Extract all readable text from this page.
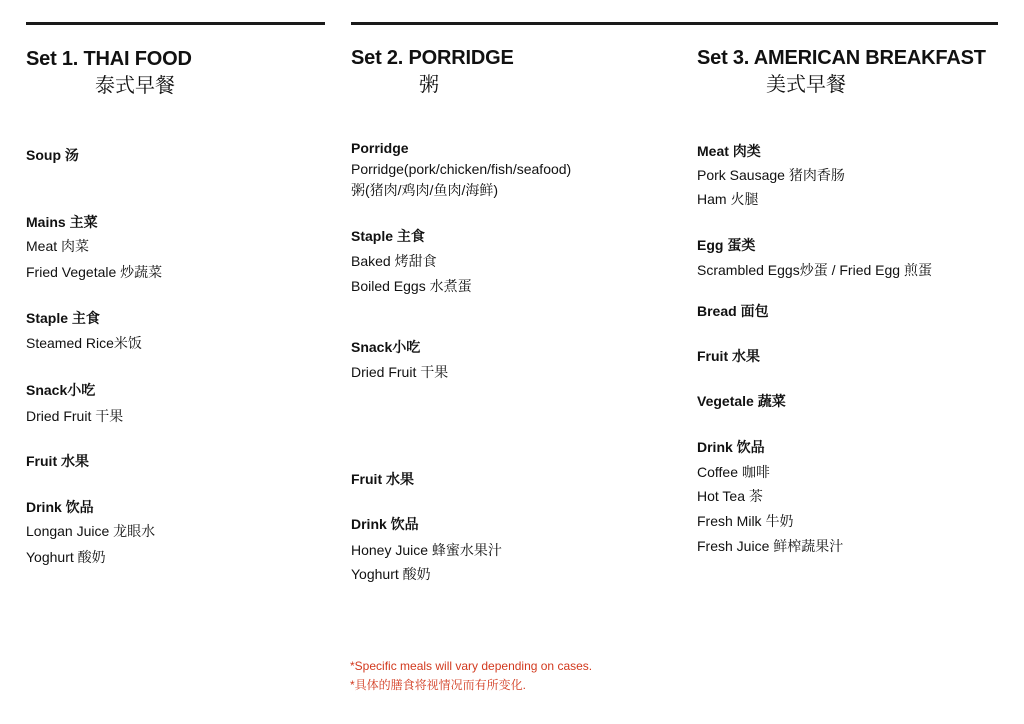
Set 1. THAI FOOD
泰式早餐
Soup 汤
Mains 主菜
Meat 肉菜
Fried Vegetale 炒蔬菜
Staple 主食
Steamed Rice米饭
Snack小吃
Dried Fruit 干果
Fruit 水果
Drink 饮品
Longan Juice 龙眼水
Yoghurt 酸奶
Set 2. PORRIDGE
粥
Porridge
Porridge(pork/chicken/fish/seafood)
粥(猪肉/鸡肉/鱼肉/海鲜)
Staple 主食
Baked 烤甜食
Boiled Eggs 水煮蛋
Snack小吃
Dried Fruit 干果
Fruit 水果
Drink 饮品
Honey Juice 蜂蜜水果汁
Yoghurt 酸奶
Set 3. AMERICAN BREAKFAST
美式早餐
Meat 肉类
Pork Sausage 猪肉香肠
Ham 火腿
Egg 蛋类
Scrambled Eggs炒蛋 / Fried Egg 煎蛋
Bread 面包
Fruit 水果
Vegetale 蔬菜
Drink 饮品
Coffee 咖啡
Hot Tea 茶
Fresh Milk 牛奶
Fresh Juice 鲜榨蔬果汁
*Specific meals will vary depending on cases.
*具体的膳食将视情况而有所变化.
